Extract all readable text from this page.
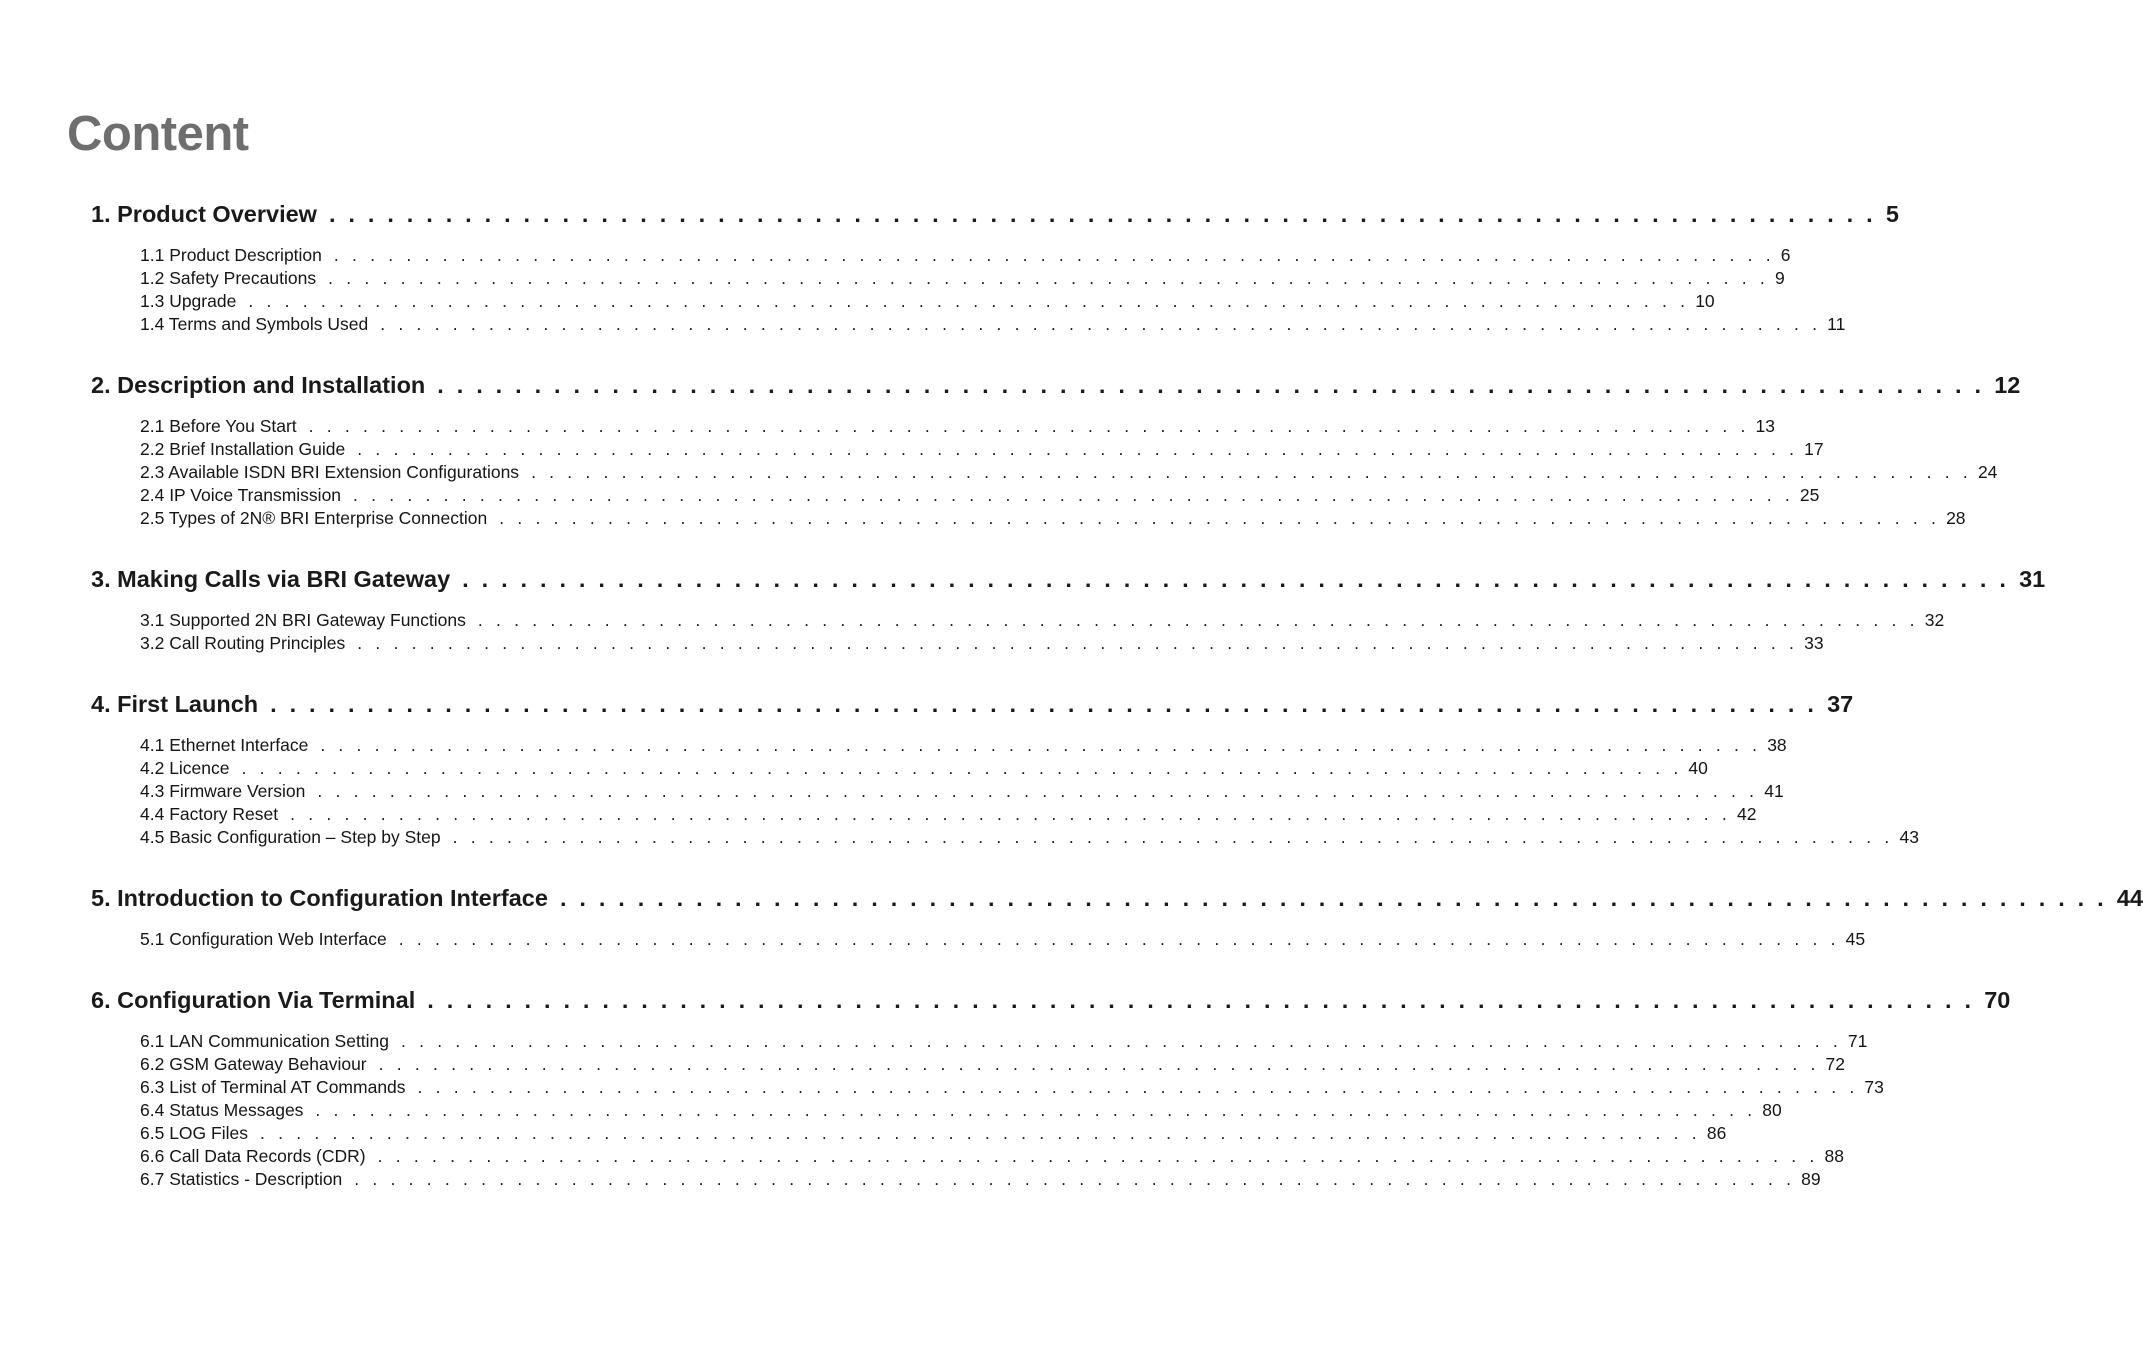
Content
1. Product Overview . . . . . . . . . . . . . . . . . . . . . . . . . . . . . . . . . . . . . . . . . . . . . . . . . . . . . . . . . . . . . . . . . . . . . . . . . . . . . . . . 5
1.1 Product Description . . . . . . . . . . . . . . . . . . . . . . . . . . . . . . . . . . . . . . . . . . . . . . . . . . . . . . . . . . . . . . . . . . . . . . . . . . . . . . . . 6
1.2 Safety Precautions . . . . . . . . . . . . . . . . . . . . . . . . . . . . . . . . . . . . . . . . . . . . . . . . . . . . . . . . . . . . . . . . . . . . . . . . . . . . . . . . 9
1.3 Upgrade . . . . . . . . . . . . . . . . . . . . . . . . . . . . . . . . . . . . . . . . . . . . . . . . . . . . . . . . . . . . . . . . . . . . . . . . . . . . . . . . 10
1.4 Terms and Symbols Used . . . . . . . . . . . . . . . . . . . . . . . . . . . . . . . . . . . . . . . . . . . . . . . . . . . . . . . . . . . . . . . . . . . . . . . . . . . . . . . . 11
2. Description and Installation . . . . . . . . . . . . . . . . . . . . . . . . . . . . . . . . . . . . . . . . . . . . . . . . . . . . . . . . . . . . . . . . . . . . . . . . . . . . . . . . 12
2.1 Before You Start . . . . . . . . . . . . . . . . . . . . . . . . . . . . . . . . . . . . . . . . . . . . . . . . . . . . . . . . . . . . . . . . . . . . . . . . . . . . . . . . 13
2.2 Brief Installation Guide . . . . . . . . . . . . . . . . . . . . . . . . . . . . . . . . . . . . . . . . . . . . . . . . . . . . . . . . . . . . . . . . . . . . . . . . . . . . . . . . 17
2.3 Available ISDN BRI Extension Configurations . . . . . . . . . . . . . . . . . . . . . . . . . . . . . . . . . . . . . . . . . . . . . . . . . . . . . . . . . . . . . . . . . . . . . . . . . . . . . . . . 24
2.4 IP Voice Transmission . . . . . . . . . . . . . . . . . . . . . . . . . . . . . . . . . . . . . . . . . . . . . . . . . . . . . . . . . . . . . . . . . . . . . . . . . . . . . . . . 25
2.5 Types of 2N® BRI Enterprise Connection . . . . . . . . . . . . . . . . . . . . . . . . . . . . . . . . . . . . . . . . . . . . . . . . . . . . . . . . . . . . . . . . . . . . . . . . . . . . . . . . 28
3. Making Calls via BRI Gateway . . . . . . . . . . . . . . . . . . . . . . . . . . . . . . . . . . . . . . . . . . . . . . . . . . . . . . . . . . . . . . . . . . . . . . . . . . . . . . . . 31
3.1 Supported 2N BRI Gateway Functions . . . . . . . . . . . . . . . . . . . . . . . . . . . . . . . . . . . . . . . . . . . . . . . . . . . . . . . . . . . . . . . . . . . . . . . . . . . . . . . . 32
3.2 Call Routing Principles . . . . . . . . . . . . . . . . . . . . . . . . . . . . . . . . . . . . . . . . . . . . . . . . . . . . . . . . . . . . . . . . . . . . . . . . . . . . . . . . 33
4. First Launch . . . . . . . . . . . . . . . . . . . . . . . . . . . . . . . . . . . . . . . . . . . . . . . . . . . . . . . . . . . . . . . . . . . . . . . . . . . . . . . . 37
4.1 Ethernet Interface . . . . . . . . . . . . . . . . . . . . . . . . . . . . . . . . . . . . . . . . . . . . . . . . . . . . . . . . . . . . . . . . . . . . . . . . . . . . . . . . 38
4.2 Licence . . . . . . . . . . . . . . . . . . . . . . . . . . . . . . . . . . . . . . . . . . . . . . . . . . . . . . . . . . . . . . . . . . . . . . . . . . . . . . . . 40
4.3 Firmware Version . . . . . . . . . . . . . . . . . . . . . . . . . . . . . . . . . . . . . . . . . . . . . . . . . . . . . . . . . . . . . . . . . . . . . . . . . . . . . . . . 41
4.4 Factory Reset . . . . . . . . . . . . . . . . . . . . . . . . . . . . . . . . . . . . . . . . . . . . . . . . . . . . . . . . . . . . . . . . . . . . . . . . . . . . . . . . 42
4.5 Basic Configuration – Step by Step . . . . . . . . . . . . . . . . . . . . . . . . . . . . . . . . . . . . . . . . . . . . . . . . . . . . . . . . . . . . . . . . . . . . . . . . . . . . . . . . 43
5. Introduction to Configuration Interface . . . . . . . . . . . . . . . . . . . . . . . . . . . . . . . . . . . . . . . . . . . . . . . . . . . . . . . . . . . . . . . . . . . . . . . . . . . . . . . . 44
5.1 Configuration Web Interface . . . . . . . . . . . . . . . . . . . . . . . . . . . . . . . . . . . . . . . . . . . . . . . . . . . . . . . . . . . . . . . . . . . . . . . . . . . . . . . . 45
6. Configuration Via Terminal . . . . . . . . . . . . . . . . . . . . . . . . . . . . . . . . . . . . . . . . . . . . . . . . . . . . . . . . . . . . . . . . . . . . . . . . . . . . . . . . 70
6.1 LAN Communication Setting . . . . . . . . . . . . . . . . . . . . . . . . . . . . . . . . . . . . . . . . . . . . . . . . . . . . . . . . . . . . . . . . . . . . . . . . . . . . . . . . 71
6.2 GSM Gateway Behaviour . . . . . . . . . . . . . . . . . . . . . . . . . . . . . . . . . . . . . . . . . . . . . . . . . . . . . . . . . . . . . . . . . . . . . . . . . . . . . . . . 72
6.3 List of Terminal AT Commands . . . . . . . . . . . . . . . . . . . . . . . . . . . . . . . . . . . . . . . . . . . . . . . . . . . . . . . . . . . . . . . . . . . . . . . . . . . . . . . . 73
6.4 Status Messages . . . . . . . . . . . . . . . . . . . . . . . . . . . . . . . . . . . . . . . . . . . . . . . . . . . . . . . . . . . . . . . . . . . . . . . . . . . . . . . . 80
6.5 LOG Files . . . . . . . . . . . . . . . . . . . . . . . . . . . . . . . . . . . . . . . . . . . . . . . . . . . . . . . . . . . . . . . . . . . . . . . . . . . . . . . . 86
6.6 Call Data Records (CDR) . . . . . . . . . . . . . . . . . . . . . . . . . . . . . . . . . . . . . . . . . . . . . . . . . . . . . . . . . . . . . . . . . . . . . . . . . . . . . . . . 88
6.7 Statistics - Description . . . . . . . . . . . . . . . . . . . . . . . . . . . . . . . . . . . . . . . . . . . . . . . . . . . . . . . . . . . . . . . . . . . . . . . . . . . . . . . . 89
